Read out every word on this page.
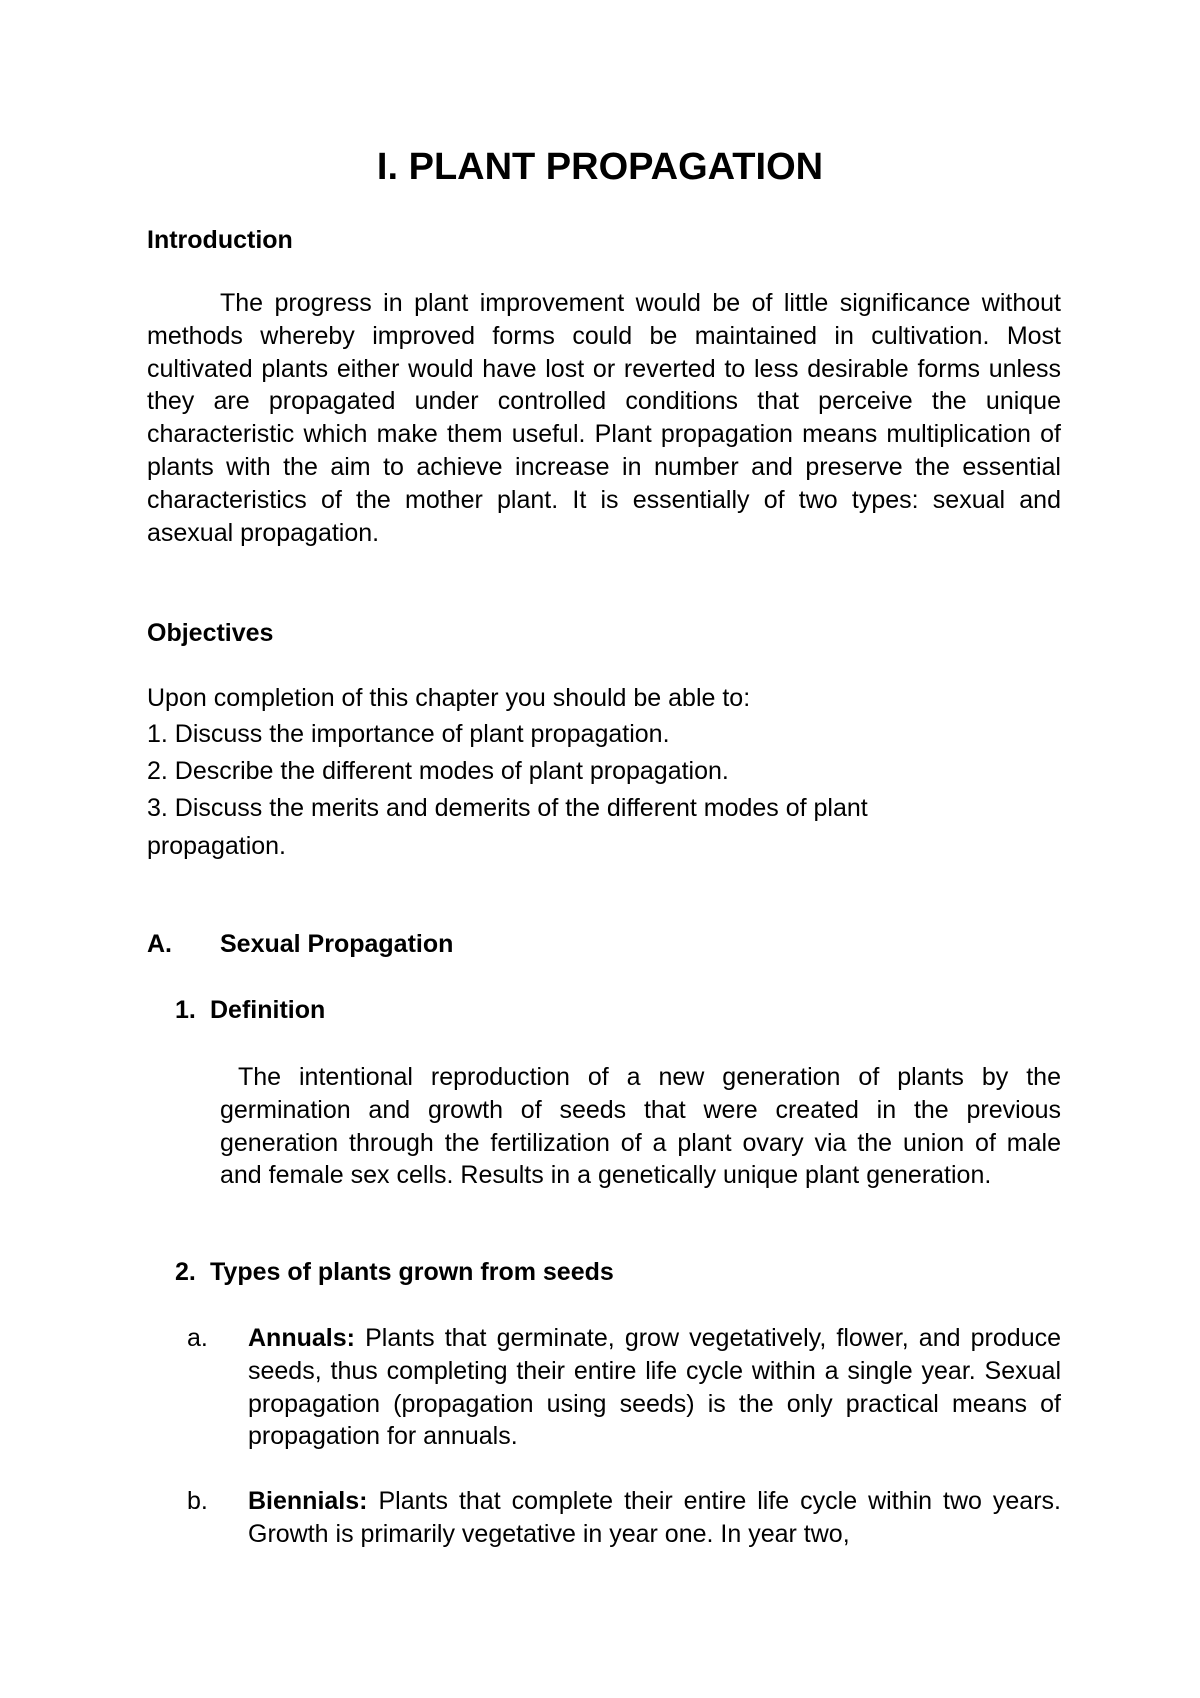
I. PLANT PROPAGATION
Introduction

The progress in plant improvement would be of little significance without methods whereby improved forms could be maintained in cultivation. Most cultivated plants either would have lost or reverted to less desirable forms unless they are propagated under controlled conditions that perceive the unique characteristic which make them useful. Plant propagation means multiplication of plants with the aim to achieve increase in number and preserve the essential characteristics of the mother plant. It is essentially of two types: sexual and asexual propagation.

Objectives
Upon completion of this chapter you should be able to:
1. Discuss the importance of plant propagation.
2. Describe the different modes of plant propagation.
3. Discuss the merits and demerits of the different modes of plant
propagation.
A. Sexual Propagation
1. Definition

The intentional reproduction of a new generation of plants by the germination and growth of seeds that were created in the previous generation through the fertilization of a plant ovary via the union of male and female sex cells. Results in a genetically unique plant generation.

2. Types of plants grown from seeds
a. Annuals: Plants that germinate, grow vegetatively, flower, and produce seeds, thus completing their entire life cycle within a single year. Sexual propagation (propagation using seeds) is the only practical means of propagation for annuals.

b. Biennials: Plants that complete their entire life cycle within two years. Growth is primarily vegetative in year one. In year two,
